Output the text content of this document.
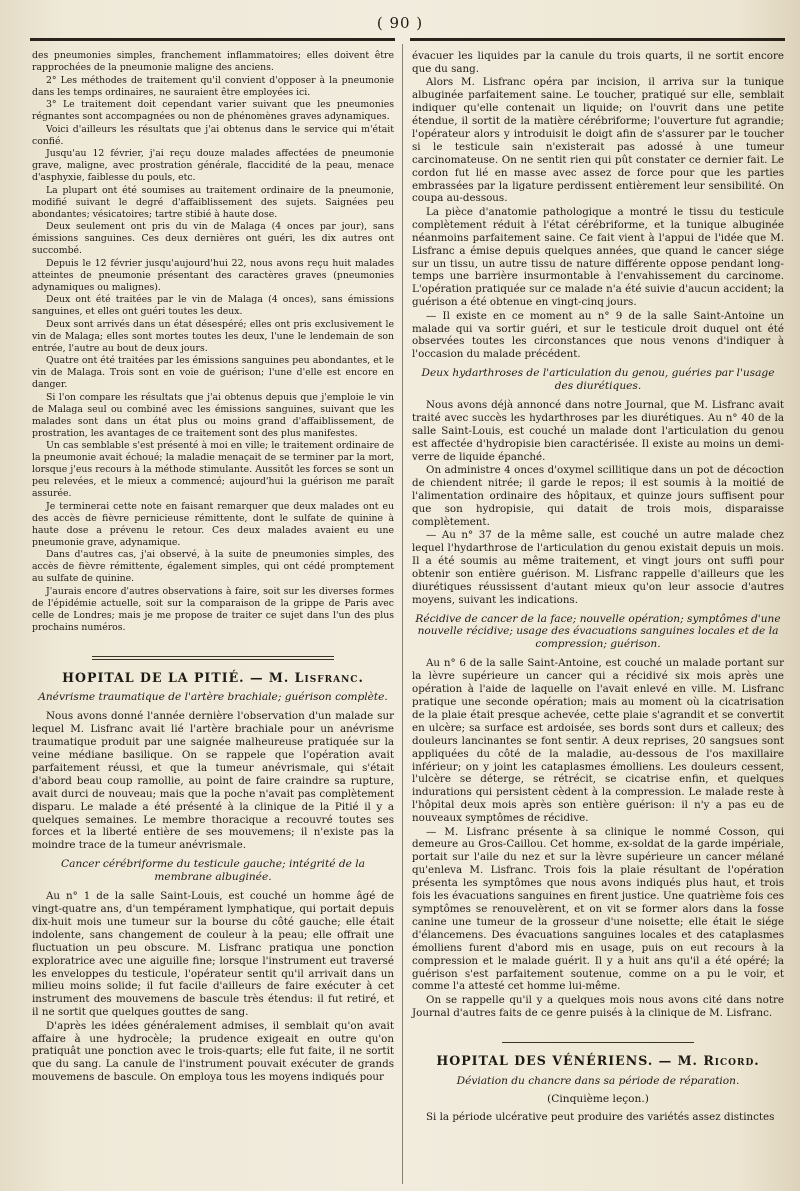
( 90 )

des pneumonies simples, franchement inflammatoires; elles doivent être rapprochées de la pneumonie maligne des anciens.

2° Les méthodes de traitement qu'il convient d'opposer à la pneumonie dans les temps ordinaires, ne sauraient être employées ici.

3° Le traitement doit cependant varier suivant que les pneumonies régnantes sont accompagnées ou non de phénomènes graves adynamiques.

Voici d'ailleurs les résultats que j'ai obtenus dans le service qui m'était confié.

Jusqu'au 12 février, j'ai reçu douze malades affectées de pneumonie grave, maligne, avec prostration générale, flaccidité de la peau, menace d'asphyxie, faiblesse du pouls, etc.

La plupart ont été soumises au traitement ordinaire de la pneumonie, modifié suivant le degré d'affaiblissement des sujets. Saignées peu abondantes; vésicatoires; tartre stibié à haute dose.

Deux seulement ont pris du vin de Malaga (4 onces par jour), sans émissions sanguines. Ces deux dernières ont guéri, les dix autres ont succombé.

Depuis le 12 février jusqu'aujourd'hui 22, nous avons reçu huit malades atteintes de pneumonie présentant des caractères graves (pneumonies adynamiques ou malignes).

Deux ont été traitées par le vin de Malaga (4 onces), sans émissions sanguines, et elles ont guéri toutes les deux.

Deux sont arrivés dans un état désespéré; elles ont pris exclusivement le vin de Malaga; elles sont mortes toutes les deux, l'une le lendemain de son entrée, l'autre au bout de deux jours.

Quatre ont été traitées par les émissions sanguines peu abondantes, et le vin de Malaga. Trois sont en voie de guérison; l'une d'elle est encore en danger.

Si l'on compare les résultats que j'ai obtenus depuis que j'emploie le vin de Malaga seul ou combiné avec les émissions sanguines, suivant que les malades sont dans un état plus ou moins grand d'affaiblissement, de prostration, les avantages de ce traitement sont des plus manifestes.

Un cas semblable s'est présenté à moi en ville; le traitement ordinaire de la pneumonie avait échoué; la maladie menaçait de se terminer par la mort, lorsque j'eus recours à la méthode stimulante. Aussitôt les forces se sont un peu relevées, et le mieux a commencé; aujourd'hui la guérison me paraît assurée.

Je terminerai cette note en faisant remarquer que deux malades ont eu des accès de fièvre pernicieuse rémittente, dont le sulfate de quinine à haute dose a prévenu le retour. Ces deux malades avaient eu une pneumonie grave, adynamique.

Dans d'autres cas, j'ai observé, à la suite de pneumonies simples, des accès de fièvre rémittente, également simples, qui ont cédé promptement au sulfate de quinine.

J'aurais encore d'autres observations à faire, soit sur les diverses formes de l'épidémie actuelle, soit sur la comparaison de la grippe de Paris avec celle de Londres; mais je me propose de traiter ce sujet dans l'un des plus prochains numéros.

HOPITAL DE LA PITIÉ. — M. Lisfranc.
Anévrisme traumatique de l'artère brachiale; guérison complète.

Nous avons donné l'année dernière l'observation d'un malade sur lequel M. Lisfranc avait lié l'artère brachiale pour un anévrisme traumatique produit par une saignée malheureuse pratiquée sur la veine médiane basilique. On se rappele que l'opération avait parfaitement réussi, et que la tumeur anévrismale, qui s'était d'abord beau coup ramollie, au point de faire craindre sa rupture, avait durci de nouveau; mais que la poche n'avait pas complètement disparu. Le malade a été présenté à la clinique de la Pitié il y a quelques semaines. Le membre thoracique a recouvré toutes ses forces et la liberté entière de ses mouvemens; il n'existe pas la moindre trace de la tumeur anévrismale.

Cancer cérébriforme du testicule gauche; intégrité de la membrane albuginée.

Au n° 1 de la salle Saint-Louis, est couché un homme âgé de vingt-quatre ans, d'un tempérament lymphatique, qui portait depuis dix-huit mois une tumeur sur la bourse du côté gauche; elle était indolente, sans changement de couleur à la peau; elle offrait une fluctuation un peu obscure. M. Lisfranc pratiqua une ponction exploratrice avec une aiguille fine; lorsque l'instrument eut traversé les enveloppes du testicule, l'opérateur sentit qu'il arrivait dans un milieu moins solide; il fut facile d'ailleurs de faire exécuter à cet instrument des mouvemens de bascule très étendus: il fut retiré, et il ne sortit que quelques gouttes de sang.

D'après les idées généralement admises, il semblait qu'on avait affaire à une hydrocèle; la prudence exigeait en outre qu'on pratiquât une ponction avec le trois-quarts; elle fut faite, il ne sortit que du sang. La canule de l'instrument pouvait exécuter de grands mouvemens de bascule. On employa tous les moyens indiqués pour

évacuer les liquides par la canule du trois quarts, il ne sortit encore que du sang.

Alors M. Lisfranc opéra par incision, il arriva sur la tunique albuginée parfaitement saine. Le toucher, pratiqué sur elle, semblait indiquer qu'elle contenait un liquide; on l'ouvrit dans une petite étendue, il sortit de la matière cérébriforme; l'ouverture fut agrandie; l'opérateur alors y introduisit le doigt afin de s'assurer par le toucher si le testicule sain n'existerait pas adossé à une tumeur carcinomateuse. On ne sentit rien qui pût constater ce dernier fait. Le cordon fut lié en masse avec assez de force pour que les parties embrassées par la ligature perdissent entièrement leur sensibilité. On coupa au-dessous.

La pièce d'anatomie pathologique a montré le tissu du testicule complètement réduit à l'état cérébriforme, et la tunique albuginée néanmoins parfaitement saine. Ce fait vient à l'appui de l'idée que M. Lisfranc a émise depuis quelques années, que quand le cancer siége sur un tissu, un autre tissu de nature différente oppose pendant long-temps une barrière insurmontable à l'envahissement du carcinome. L'opération pratiquée sur ce malade n'a été suivie d'aucun accident; la guérison a été obtenue en vingt-cinq jours.

— Il existe en ce moment au n° 9 de la salle Saint-Antoine un malade qui va sortir guéri, et sur le testicule droit duquel ont été observées toutes les circonstances que nous venons d'indiquer à l'occasion du malade précédent.

Deux hydarthroses de l'articulation du genou, guéries par l'usage des diurétiques.

Nous avons déjà annoncé dans notre Journal, que M. Lisfranc avait traité avec succès les hydarthroses par les diurétiques. Au n° 40 de la salle Saint-Louis, est couché un malade dont l'articulation du genou est affectée d'hydropisie bien caractérisée. Il existe au moins un demi-verre de liquide épanché.

On administre 4 onces d'oxymel scillitique dans un pot de décoction de chiendent nitrée; il garde le repos; il est soumis à la moitié de l'alimentation ordinaire des hôpitaux, et quinze jours suffisent pour que son hydropisie, qui datait de trois mois, disparaisse complètement.

— Au n° 37 de la même salle, est couché un autre malade chez lequel l'hydarthrose de l'articulation du genou existait depuis un mois. Il a été soumis au même traitement, et vingt jours ont suffi pour obtenir son entière guérison. M. Lisfranc rappelle d'ailleurs que les diurétiques réussissent d'autant mieux qu'on leur associe d'autres moyens, suivant les indications.

Récidive de cancer de la face; nouvelle opération; symptômes d'une nouvelle récidive; usage des évacuations sanguines locales et de la compression; guérison.

Au n° 6 de la salle Saint-Antoine, est couché un malade portant sur la lèvre supérieure un cancer qui a récidivé six mois après une opération à l'aide de laquelle on l'avait enlevé en ville. M. Lisfranc pratique une seconde opération; mais au moment où la cicatrisation de la plaie était presque achevée, cette plaie s'agrandit et se convertit en ulcère; sa surface est ardoisée, ses bords sont durs et calleux; des douleurs lancinantes se font sentir. A deux reprises, 20 sangsues sont appliquées du côté de la maladie, au-dessous de l'os maxillaire inférieur; on y joint les cataplasmes émolliens. Les douleurs cessent, l'ulcère se déterge, se rétrécit, se cicatrise enfin, et quelques indurations qui persistent cèdent à la compression. Le malade reste à l'hôpital deux mois après son entière guérison: il n'y a pas eu de nouveaux symptômes de récidive.

— M. Lisfranc présente à sa clinique le nommé Cosson, qui demeure au Gros-Caillou. Cet homme, ex-soldat de la garde impériale, portait sur l'aile du nez et sur la lèvre supérieure un cancer mélané qu'enleva M. Lisfranc. Trois fois la plaie résultant de l'opération présenta les symptômes que nous avons indiqués plus haut, et trois fois les évacuations sanguines en firent justice. Une quatrième fois ces symptômes se renouvelèrent, et on vit se former alors dans la fosse canine une tumeur de la grosseur d'une noisette; elle était le siége d'élancemens. Des évacuations sanguines locales et des cataplasmes émolliens furent d'abord mis en usage, puis on eut recours à la compression et le malade guérit. Il y a huit ans qu'il a été opéré; la guérison s'est parfaitement soutenue, comme on a pu le voir, et comme l'a attesté cet homme lui-même.

On se rappelle qu'il y a quelques mois nous avons cité dans notre Journal d'autres faits de ce genre puisés à la clinique de M. Lisfranc.

HOPITAL DES VÉNÉRIENS. — M. Ricord.
Déviation du chancre dans sa période de réparation.
(Cinquième leçon.)

Si la période ulcérative peut produire des variétés assez distinctes
